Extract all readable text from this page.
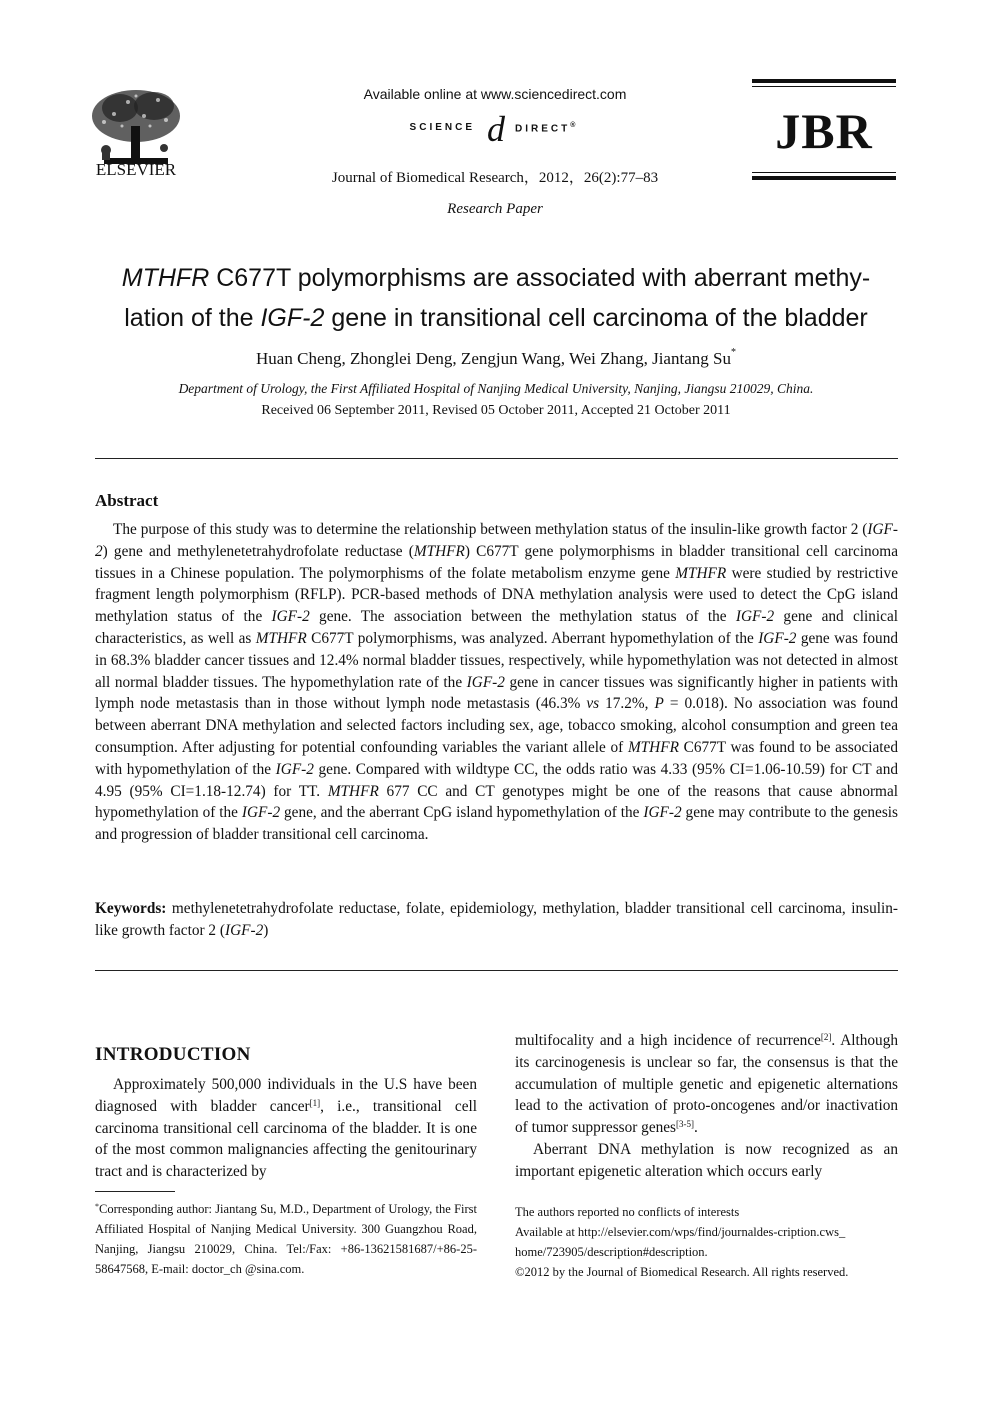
ELSEVIER
Available online at www.sciencedirect.com
SCIENCE d	DIRECT®
Journal of Biomedical Research，2012，26(2):77–83
Research Paper
JBR
MTHFR C677T polymorphisms are associated with aberrant methy-
lation of the IGF-2 gene in transitional cell carcinoma of the bladder
Huan Cheng, Zhonglei Deng, Zengjun Wang, Wei Zhang, Jiantang Su*
Department of Urology, the First Affiliated Hospital of Nanjing Medical University, Nanjing, Jiangsu 210029, China.
Received 06 September 2011, Revised 05 October 2011, Accepted 21 October 2011
Abstract
The purpose of this study was to determine the relationship between methylation status of the insulin-like growth factor 2 (IGF-2) gene and methylenetetrahydrofolate reductase (MTHFR) C677T gene polymorphisms in bladder transitional cell carcinoma tissues in a Chinese population. The polymorphisms of the folate metabolism enzyme gene MTHFR were studied by restrictive fragment length polymorphism (RFLP). PCR-based methods of DNA methylation analysis were used to detect the CpG island methylation status of the IGF-2 gene. The association between the methylation status of the IGF-2 gene and clinical characteristics, as well as MTHFR C677T polymorphisms, was analyzed. Aberrant hypomethylation of the IGF-2 gene was found in 68.3% bladder cancer tissues and 12.4% normal bladder tissues, respectively, while hypomethylation was not detected in almost all normal bladder tissues. The hypomethylation rate of the IGF-2 gene in cancer tissues was significantly higher in patients with lymph node metastasis than in those without lymph node metastasis (46.3% vs 17.2%, P = 0.018). No association was found between aberrant DNA methylation and selected factors including sex, age, tobacco smoking, alcohol consumption and green tea consumption. After adjusting for potential confounding variables the variant allele of MTHFR C677T was found to be associated with hypomethylation of the IGF-2 gene. Compared with wildtype CC, the odds ratio was 4.33 (95% CI=1.06-10.59) for CT and 4.95 (95% CI=1.18-12.74) for TT. MTHFR 677 CC and CT genotypes might be one of the reasons that cause abnormal hypomethylation of the IGF-2 gene, and the aberrant CpG island hypomethylation of the IGF-2 gene may contribute to the genesis and progression of bladder transitional cell carcinoma.
Keywords: methylenetetrahydrofolate reductase, folate, epidemiology, methylation, bladder transitional cell carcinoma, insulin-like growth factor 2 (IGF-2)
INTRODUCTION
Approximately 500,000 individuals in the U.S have been diagnosed with bladder cancer[1], i.e., transitional cell carcinoma transitional cell carcinoma of the bladder. It is one of the most common malignancies affecting the genitourinary tract and is characterized by
multifocality and a high incidence of recurrence[2]. Although its carcinogenesis is unclear so far, the consensus is that the accumulation of multiple genetic and epigenetic alternations lead to the activation of proto-oncogenes and/or inactivation of tumor suppressor genes[3-5].
Aberrant DNA methylation is now recognized as an important epigenetic alteration which occurs early
*Corresponding author: Jiantang Su, M.D., Department of Urology, the First Affiliated Hospital of Nanjing Medical University. 300 Guangzhou Road, Nanjing, Jiangsu 210029, China. Tel:/Fax: +86-13621581687/+86-25-58647568, E-mail: doctor_ch @sina.com.
The authors reported no conflicts of interests
Available at http://elsevier.com/wps/find/journaldes-cription.cws_
home/723905/description#description.
©2012 by the Journal of Biomedical Research. All rights reserved.
